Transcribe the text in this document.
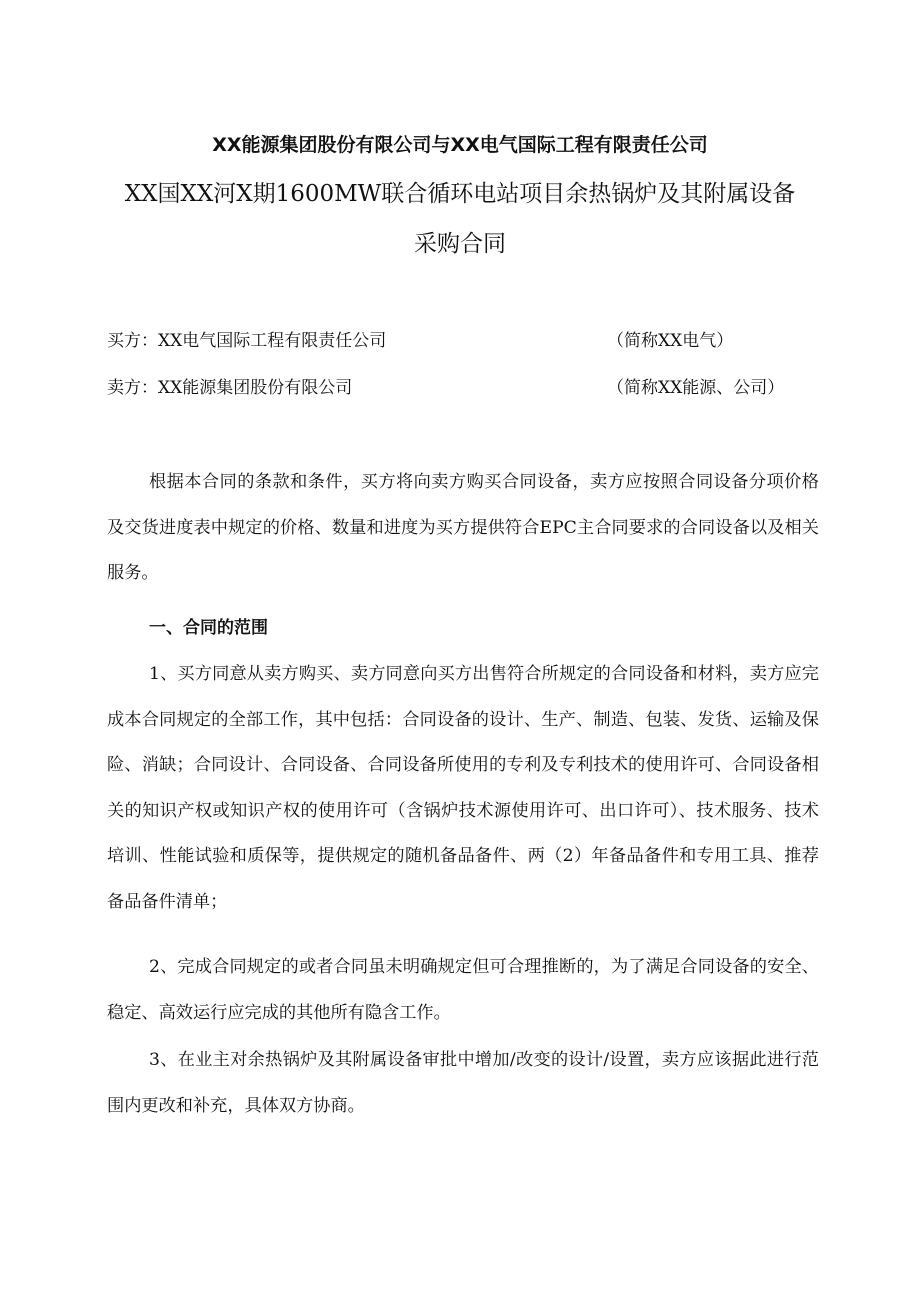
XX能源集团股份有限公司与XX电气国际工程有限责任公司
XX国XX河X期1600MW联合循环电站项目余热锅炉及其附属设备
采购合同
买方：XX电气国际工程有限责任公司	（简称XX电气）
卖方：XX能源集团股份有限公司	（简称XX能源、公司）

根据本合同的条款和条件，买方将向卖方购买合同设备，卖方应按照合同设备分项价格及交货进度表中规定的价格、数量和进度为买方提供符合EPC主合同要求的合同设备以及相关服务。

一、合同的范围

1、买方同意从卖方购买、卖方同意向买方出售符合所规定的合同设备和材料，卖方应完成本合同规定的全部工作，其中包括：合同设备的设计、生产、制造、包装、发货、运输及保险、消缺；合同设计、合同设备、合同设备所使用的专利及专利技术的使用许可、合同设备相关的知识产权或知识产权的使用许可（含锅炉技术源使用许可、出口许可）、技术服务、技术培训、性能试验和质保等，提供规定的随机备品备件、两（2）年备品备件和专用工具、推荐备品备件清单；

2、完成合同规定的或者合同虽未明确规定但可合理推断的，为了满足合同设备的安全、稳定、高效运行应完成的其他所有隐含工作。

3、在业主对余热锅炉及其附属设备审批中增加/改变的设计/设置，卖方应该据此进行范围内更改和补充，具体双方协商。
